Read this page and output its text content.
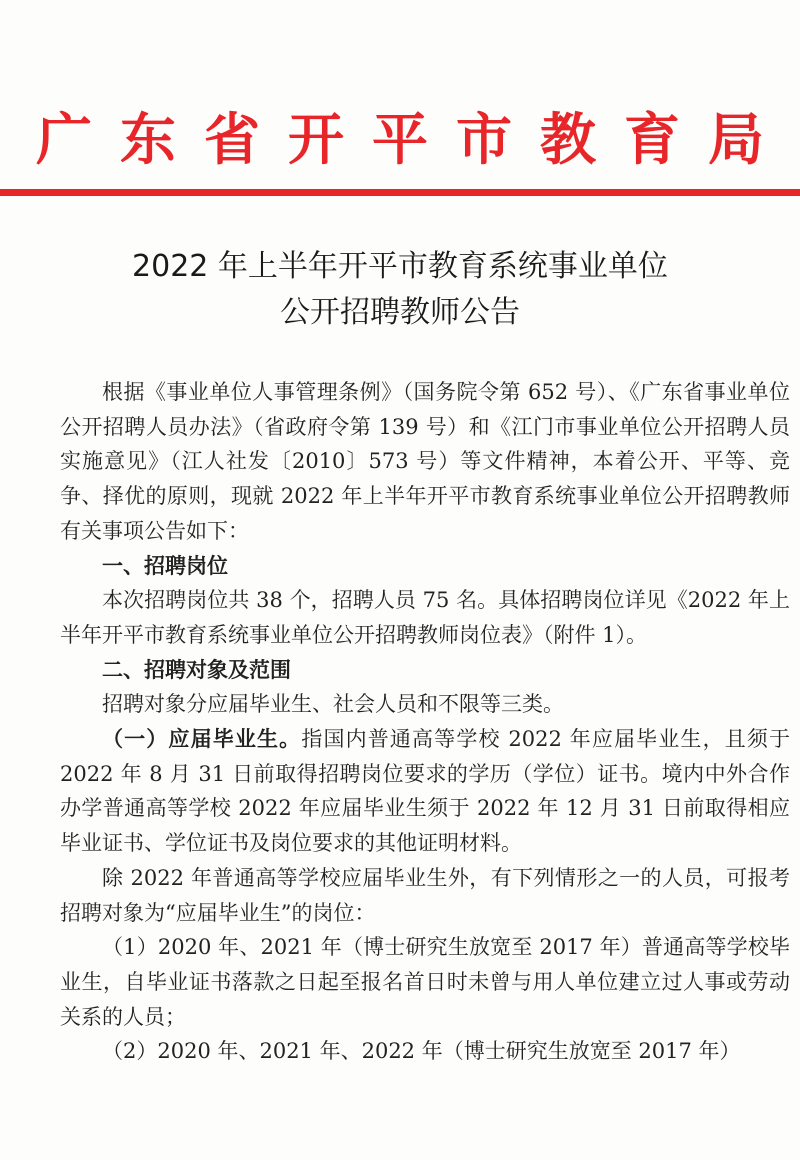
广东省开平市教育局
2022 年上半年开平市教育系统事业单位
公开招聘教师公告

根据《事业单位人事管理条例》（国务院令第 652 号）、《广东省事业单位公开招聘人员办法》（省政府令第 139 号）和《江门市事业单位公开招聘人员实施意见》（江人社发〔2010〕573 号）等文件精神，本着公开、平等、竞争、择优的原则，现就 2022 年上半年开平市教育系统事业单位公开招聘教师有关事项公告如下：

一、招聘岗位

本次招聘岗位共 38 个，招聘人员 75 名。具体招聘岗位详见《2022 年上半年开平市教育系统事业单位公开招聘教师岗位表》（附件 1）。

二、招聘对象及范围

招聘对象分应届毕业生、社会人员和不限等三类。

（一）应届毕业生。指国内普通高等学校 2022 年应届毕业生，且须于 2022 年 8 月 31 日前取得招聘岗位要求的学历（学位）证书。境内中外合作办学普通高等学校 2022 年应届毕业生须于 2022 年 12 月 31 日前取得相应毕业证书、学位证书及岗位要求的其他证明材料。

除 2022 年普通高等学校应届毕业生外，有下列情形之一的人员，可报考招聘对象为“应届毕业生”的岗位：

（1）2020 年、2021 年（博士研究生放宽至 2017 年）普通高等学校毕业生，自毕业证书落款之日起至报名首日时未曾与用人单位建立过人事或劳动关系的人员；

（2）2020 年、2021 年、2022 年（博士研究生放宽至 2017 年）
